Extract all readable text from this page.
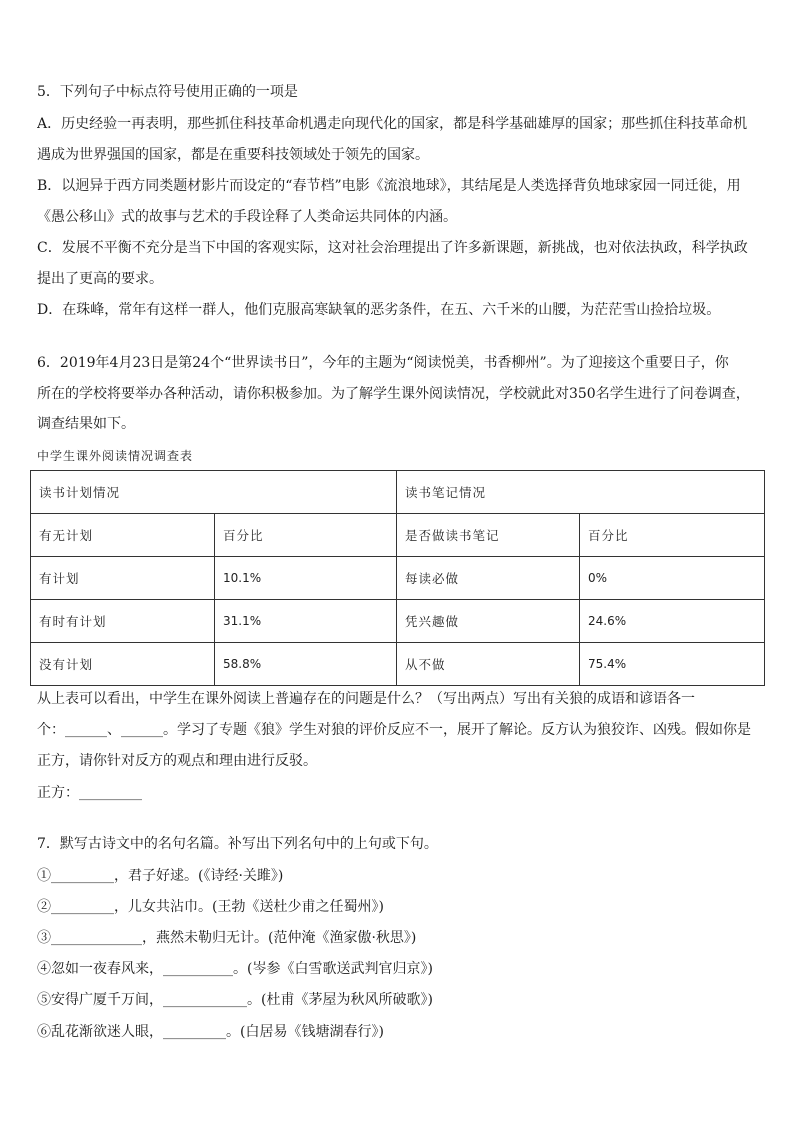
5．下列句子中标点符号使用正确的一项是
A．历史经验一再表明，那些抓住科技革命机遇走向现代化的国家，都是科学基础雄厚的国家；那些抓住科技革命机
遇成为世界强国的国家，都是在重要科技领域处于领先的国家。
B．以迥异于西方同类题材影片而设定的“春节档”电影《流浪地球》，其结尾是人类选择背负地球家园一同迁徙，用
《愚公移山》式的故事与艺术的手段诠释了人类命运共同体的内涵。
C．发展不平衡不充分是当下中国的客观实际，这对社会治理提出了许多新课题，新挑战，也对依法执政，科学执政
提出了更高的要求。
D．在珠峰，常年有这样一群人，他们克服高寒缺氧的恶劣条件，在五、六千米的山腰，为茫茫雪山捡拾垃圾。
6．2019年4月23日是第24个“世界读书日”，今年的主题为“阅读悦美，书香柳州”。为了迎接这个重要日子，你
所在的学校将要举办各种活动，请你积极参加。为了解学生课外阅读情况，学校就此对350名学生进行了问卷调查，
调查结果如下。
中学生课外阅读情况调查表
读书计划情况		读书笔记情况	
有无计划	百分比	是否做读书笔记	百分比
有计划	10.1%	每读必做	0%
有时有计划	31.1%	凭兴趣做	24.6%
没有计划	58.8%	从不做	75.4%
从上表可以看出，中学生在课外阅读上普遍存在的问题是什么？（写出两点）写出有关狼的成语和谚语各一
个：______、______。学习了专题《狼》学生对狼的评价反应不一，展开了解论。反方认为狼狡诈、凶残。假如你是
正方，请你针对反方的观点和理由进行反驳。
正方：_________
7．默写古诗文中的名句名篇。补写出下列名句中的上句或下句。
①_________，君子好逑。(《诗经·关雎》)
②_________，儿女共沾巾。(王勃《送杜少甫之任蜀州》)
③_____________，燕然未勒归无计。(范仲淹《渔家傲·秋思》)
④忽如一夜春风来，__________。(岑参《白雪歌送武判官归京》)
⑤安得广厦千万间，____________。(杜甫《茅屋为秋风所破歌》)
⑥乱花渐欲迷人眼，_________。(白居易《钱塘湖春行》)
